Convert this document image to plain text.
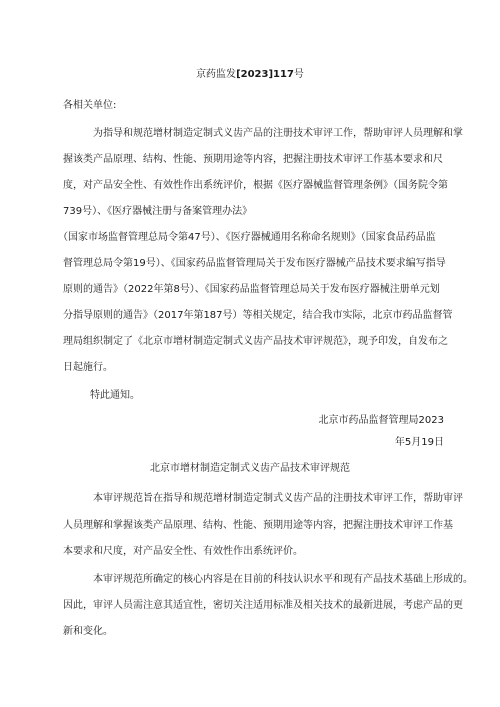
京药监发[2023]117号
各相关单位:
为指导和规范增材制造定制式义齿产品的注册技术审评工作，帮助审评人员理解和掌
握该类产品原理、结构、性能、预期用途等内容，把握注册技术审评工作基本要求和尺
度，对产品安全性、有效性作出系统评价，根据《医疗器械监督管理条例》（国务院令第
739号）、《医疗器械注册与备案管理办法》
（国家市场监督管理总局令第47号）、《医疗器械通用名称命名规则》（国家食品药品监
督管理总局令第19号）、《国家药品监督管理局关于发布医疗器械产品技术要求编写指导
原则的通告》（2022年第8号）、《国家药品监督管理总局关于发布医疗器械注册单元划
分指导原则的通告》（2017年第187号）等相关规定，结合我市实际，北京市药品监督管
理局组织制定了《北京市增材制造定制式义齿产品技术审评规范》，现予印发，自发布之
日起施行。
特此通知。
北京市药品监督管理局2023
年5月19日
北京市增材制造定制式义齿产品技术审评规范
本审评规范旨在指导和规范增材制造定制式义齿产品的注册技术审评工作，帮助审评
人员理解和掌握该类产品原理、结构、性能、预期用途等内容，把握注册技术审评工作基
本要求和尺度，对产品安全性、有效性作出系统评价。
本审评规范所确定的核心内容是在目前的科技认识水平和现有产品技术基础上形成的。
因此，审评人员需注意其适宜性，密切关注适用标准及相关技术的最新进展，考虑产品的更
新和变化。
